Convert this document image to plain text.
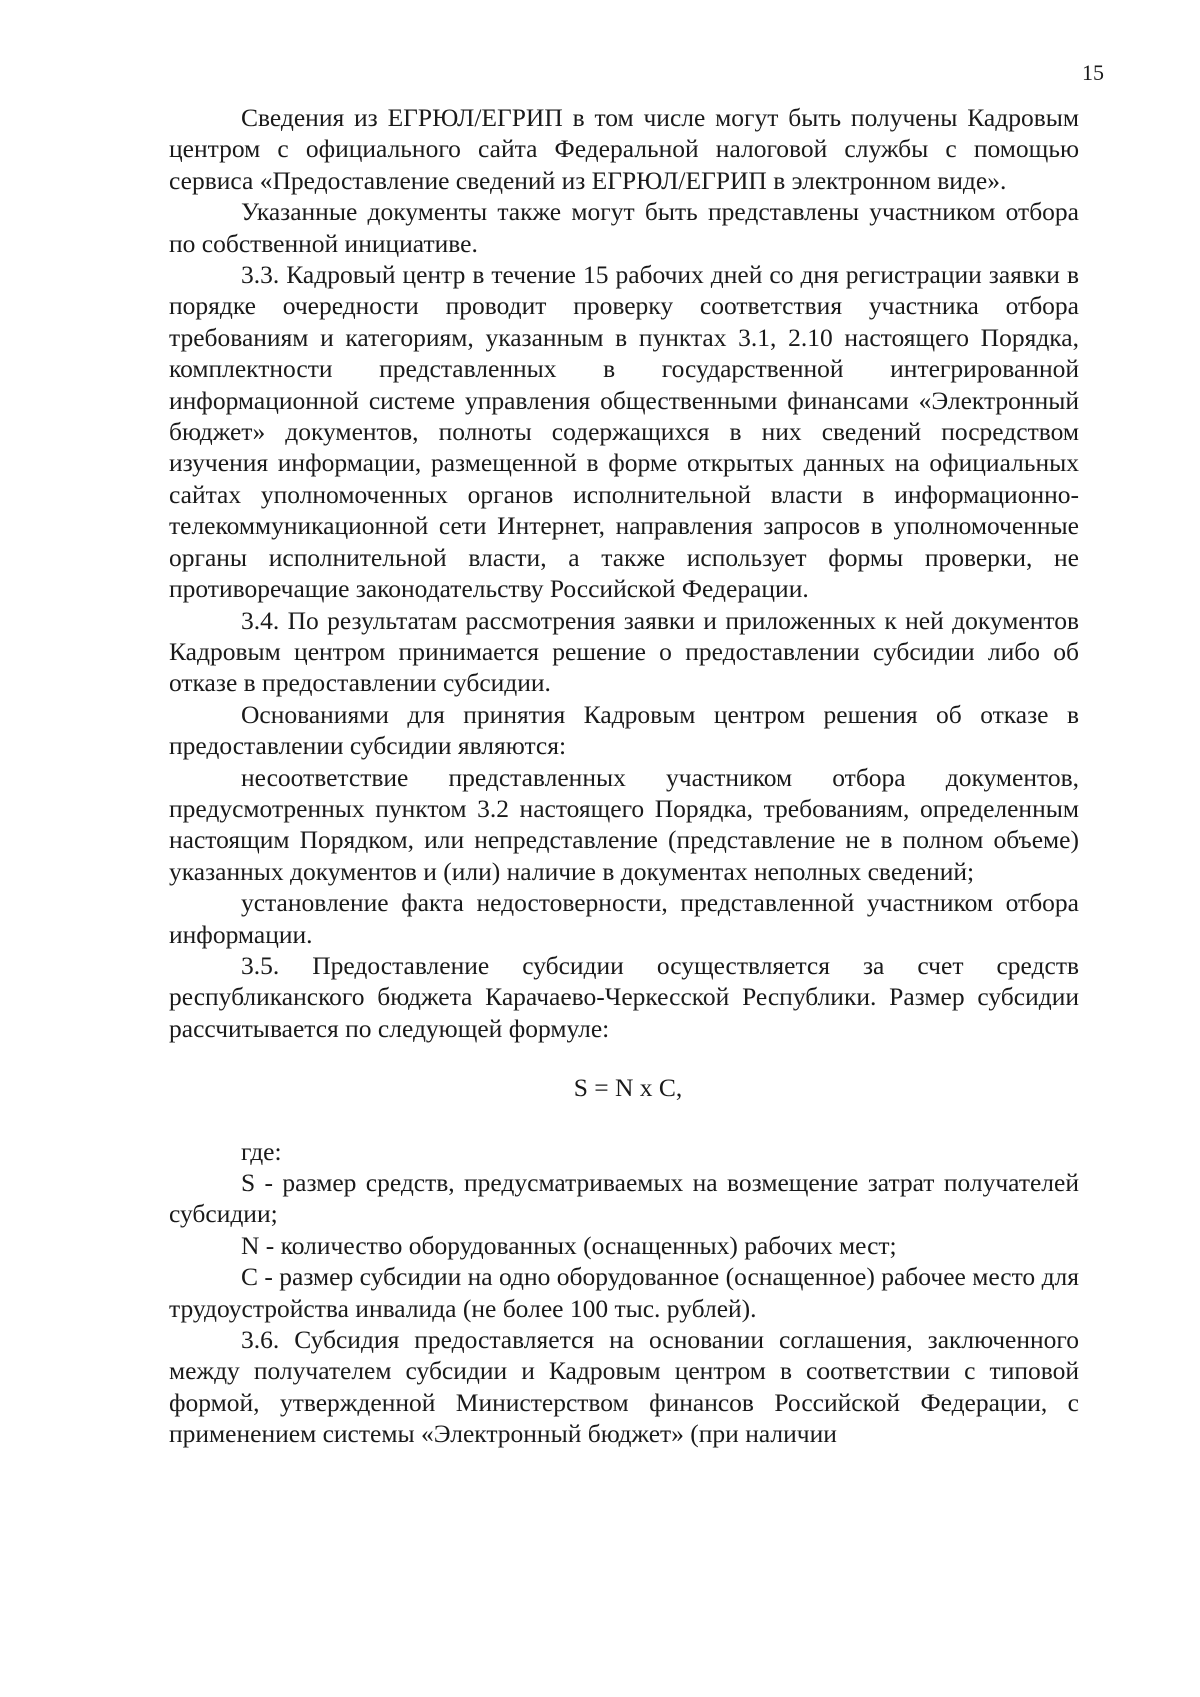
15

Сведения из ЕГРЮЛ/ЕГРИП в том числе могут быть получены Кадровым центром с официального сайта Федеральной налоговой службы с помощью сервиса «Предоставление сведений из ЕГРЮЛ/ЕГРИП в электронном виде».

Указанные документы также могут быть представлены участником отбора по собственной инициативе.

3.3. Кадровый центр в течение 15 рабочих дней со дня регистрации заявки в порядке очередности проводит проверку соответствия участника отбора требованиям и категориям, указанным в пунктах 3.1, 2.10 настоящего Порядка, комплектности представленных в государственной интегрированной информационной системе управления общественными финансами «Электронный бюджет» документов, полноты содержащихся в них сведений посредством изучения информации, размещенной в форме открытых данных на официальных сайтах уполномоченных органов исполнительной власти в информационно-телекоммуникационной сети Интернет, направления запросов в уполномоченные органы исполнительной власти, а также использует формы проверки, не противоречащие законодательству Российской Федерации.

3.4. По результатам рассмотрения заявки и приложенных к ней документов Кадровым центром принимается решение о предоставлении субсидии либо об отказе в предоставлении субсидии.

Основаниями для принятия Кадровым центром решения об отказе в предоставлении субсидии являются:

несоответствие представленных участником отбора документов, предусмотренных пунктом 3.2 настоящего Порядка, требованиям, определенным настоящим Порядком, или непредставление (представление не в полном объеме) указанных документов и (или) наличие в документах неполных сведений;

установление факта недостоверности, представленной участником отбора информации.

3.5. Предоставление субсидии осуществляется за счет средств республиканского бюджета Карачаево-Черкесской Республики. Размер субсидии рассчитывается по следующей формуле:

S = N x C,

где:

S - размер средств, предусматриваемых на возмещение затрат получателей субсидии;

N - количество оборудованных (оснащенных) рабочих мест;

C - размер субсидии на одно оборудованное (оснащенное) рабочее место для трудоустройства инвалида (не более 100 тыс. рублей).

3.6. Субсидия предоставляется на основании соглашения, заключенного между получателем субсидии и Кадровым центром в соответствии с типовой формой, утвержденной Министерством финансов Российской Федерации, с применением системы «Электронный бюджет» (при наличии
